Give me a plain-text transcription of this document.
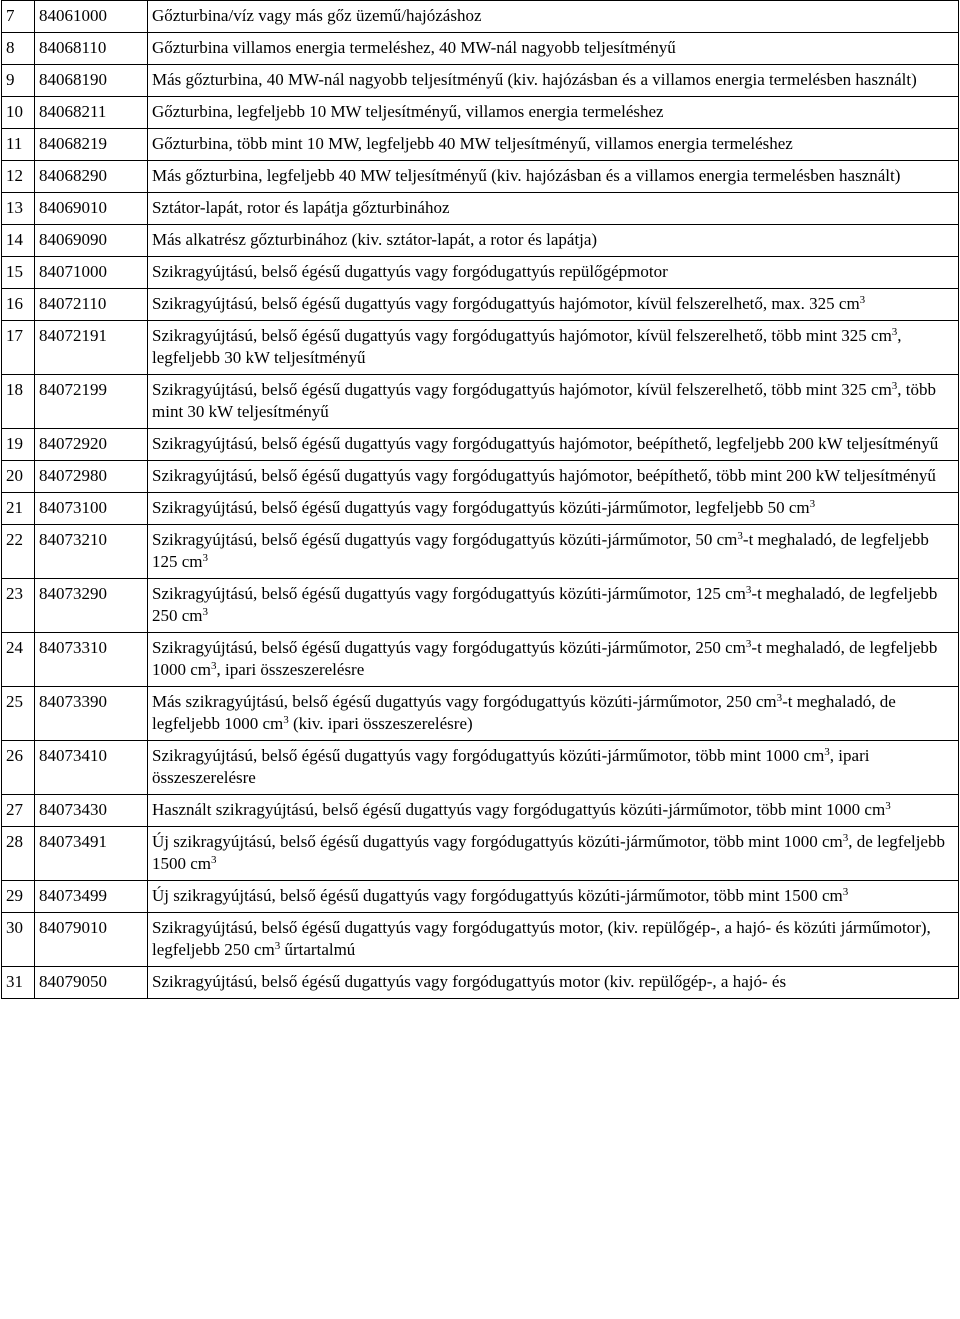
7	84061000	Gőzturbina/víz vagy más gőz üzemű/hajózáshoz
8	84068110	Gőzturbina villamos energia termeléshez, 40 MW-nál nagyobb teljesítményű
9	84068190	Más gőzturbina, 40 MW-nál nagyobb teljesítményű (kiv. hajózásban és a villamos energia termelésben használt)
10	84068211	Gőzturbina, legfeljebb 10 MW teljesítményű, villamos energia termeléshez
11	84068219	Gőzturbina, több mint 10 MW, legfeljebb 40 MW teljesítményű, villamos energia termeléshez
12	84068290	Más gőzturbina, legfeljebb 40 MW teljesítményű (kiv. hajózásban és a villamos energia termelésben használt)
13	84069010	Sztátor-lapát, rotor és lapátja gőzturbinához
14	84069090	Más alkatrész gőzturbinához (kiv. sztátor-lapát, a rotor és lapátja)
15	84071000	Szikragyújtású, belső égésű dugattyús vagy forgódugattyús repülőgépmotor
16	84072110	Szikragyújtású, belső égésű dugattyús vagy forgódugattyús hajómotor, kívül felszerelhető, max. 325 $cm^3$
17	84072191	Szikragyújtású, belső égésű dugattyús vagy forgódugattyús hajómotor, kívül felszerelhető, több mint 325 $cm^3$, legfeljebb 30 kW teljesítményű
18	84072199	Szikragyújtású, belső égésű dugattyús vagy forgódugattyús hajómotor, kívül felszerelhető, több mint 325 $cm^3$, több mint 30 kW teljesítményű
19	84072920	Szikragyújtású, belső égésű dugattyús vagy forgódugattyús hajómotor, beépíthető, legfeljebb 200 kW teljesítményű
20	84072980	Szikragyújtású, belső égésű dugattyús vagy forgódugattyús hajómotor, beépíthető, több mint 200 kW teljesítményű
21	84073100	Szikragyújtású, belső égésű dugattyús vagy forgódugattyús közúti-járműmotor, legfeljebb 50 $cm^3$
22	84073210	Szikragyújtású, belső égésű dugattyús vagy forgódugattyús közúti-járműmotor, 50 $cm^3-t$ meghaladó, de legfeljebb 125 $cm^3$
23	84073290	Szikragyújtású, belső égésű dugattyús vagy forgódugattyús közúti-járműmotor, 125 $cm^3-t$ meghaladó, de legfeljebb 250 $cm^3$
24	84073310	Szikragyújtású, belső égésű dugattyús vagy forgódugattyús közúti-járműmotor, 250 $cm^3-t$ meghaladó, de legfeljebb 1000 $cm^3$, ipari összeszerelésre
25	84073390	Más szikragyújtású, belső égésű dugattyús vagy forgódugattyús közúti-járműmotor, 250 $cm^3-t$ meghaladó, de legfeljebb 1000 $cm^3$ (kiv. ipari összeszerelésre)
26	84073410	Szikragyújtású, belső égésű dugattyús vagy forgódugattyús közúti-járműmotor, több mint 1000 $cm^3$, ipari összeszerelésre
27	84073430	Használt szikragyújtású, belső égésű dugattyús vagy forgódugattyús közúti-járműmotor, több mint 1000 $cm^3$
28	84073491	Új szikragyújtású, belső égésű dugattyús vagy forgódugattyús közúti-járműmotor, több mint 1000 $cm^3$, de legfeljebb 1500 $cm^3$
29	84073499	Új szikragyújtású, belső égésű dugattyús vagy forgódugattyús közúti-járműmotor, több mint 1500 $cm^3$
30	84079010	Szikragyújtású, belső égésű dugattyús vagy forgódugattyús motor, (kiv. repülőgép-, a hajó- és közúti járműmotor), legfeljebb 250 $cm^3$ űrtartalmú
31	84079050	Szikragyújtású, belső égésű dugattyús vagy forgódugattyús motor (kiv. repülőgép-, a hajó- és
